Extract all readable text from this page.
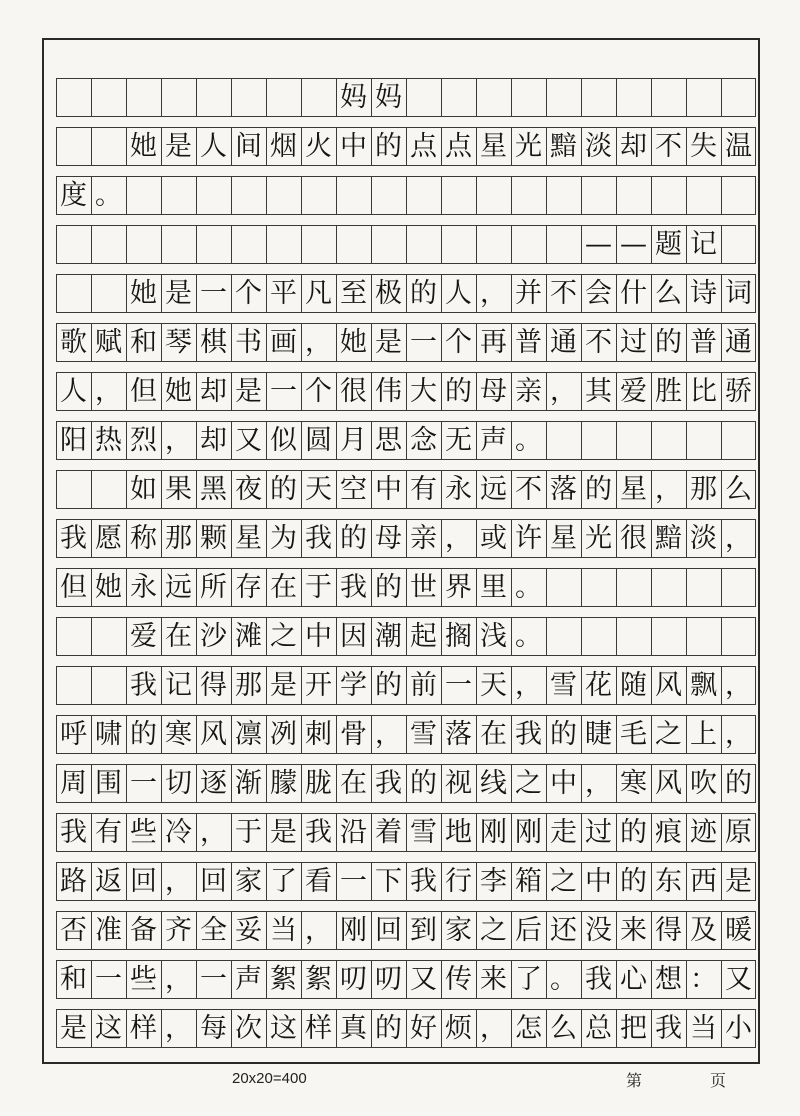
妈 妈
她 是 人 间 烟 火 中 的 点 点 星 光 黯 淡 却 不 失 温
度 。
— — 题 记
她 是 一 个 平 凡 至 极 的 人 ， 并 不 会 什 么 诗 词
歌 赋 和 琴 棋 书 画 ， 她 是 一 个 再 普 通 不 过 的 普 通
人 ， 但 她 却 是 一 个 很 伟 大 的 母 亲 ， 其 爱 胜 比 骄
阳 热 烈 ， 却 又 似 圆 月 思 念 无 声 。
如 果 黑 夜 的 天 空 中 有 永 远 不 落 的 星 ， 那 么
我 愿 称 那 颗 星 为 我 的 母 亲 ， 或 许 星 光 很 黯 淡 ，
但 她 永 远 所 存 在 于 我 的 世 界 里 。
爱 在 沙 滩 之 中 因 潮 起 搁 浅 。
我 记 得 那 是 开 学 的 前 一 天 ， 雪 花 随 风 飘 ，
呼 啸 的 寒 风 凛 冽 刺 骨 ， 雪 落 在 我 的 睫 毛 之 上 ，
周 围 一 切 逐 渐 朦 胧 在 我 的 视 线 之 中 ， 寒 风 吹 的
我 有 些 冷 ， 于 是 我 沿 着 雪 地 刚 刚 走 过 的 痕 迹 原
路 返 回 ， 回 家 了 看 一 下 我 行 李 箱 之 中 的 东 西 是
否 准 备 齐 全 妥 当 ， 刚 回 到 家 之 后 还 没 来 得 及 暖
和 一 些 ， 一 声 絮 絮 叨 叨 又 传 来 了 。 我 心 想 ： 又
是 这 样 ， 每 次 这 样 真 的 好 烦 ， 怎 么 总 把 我 当 小
20x20=400	第	页
